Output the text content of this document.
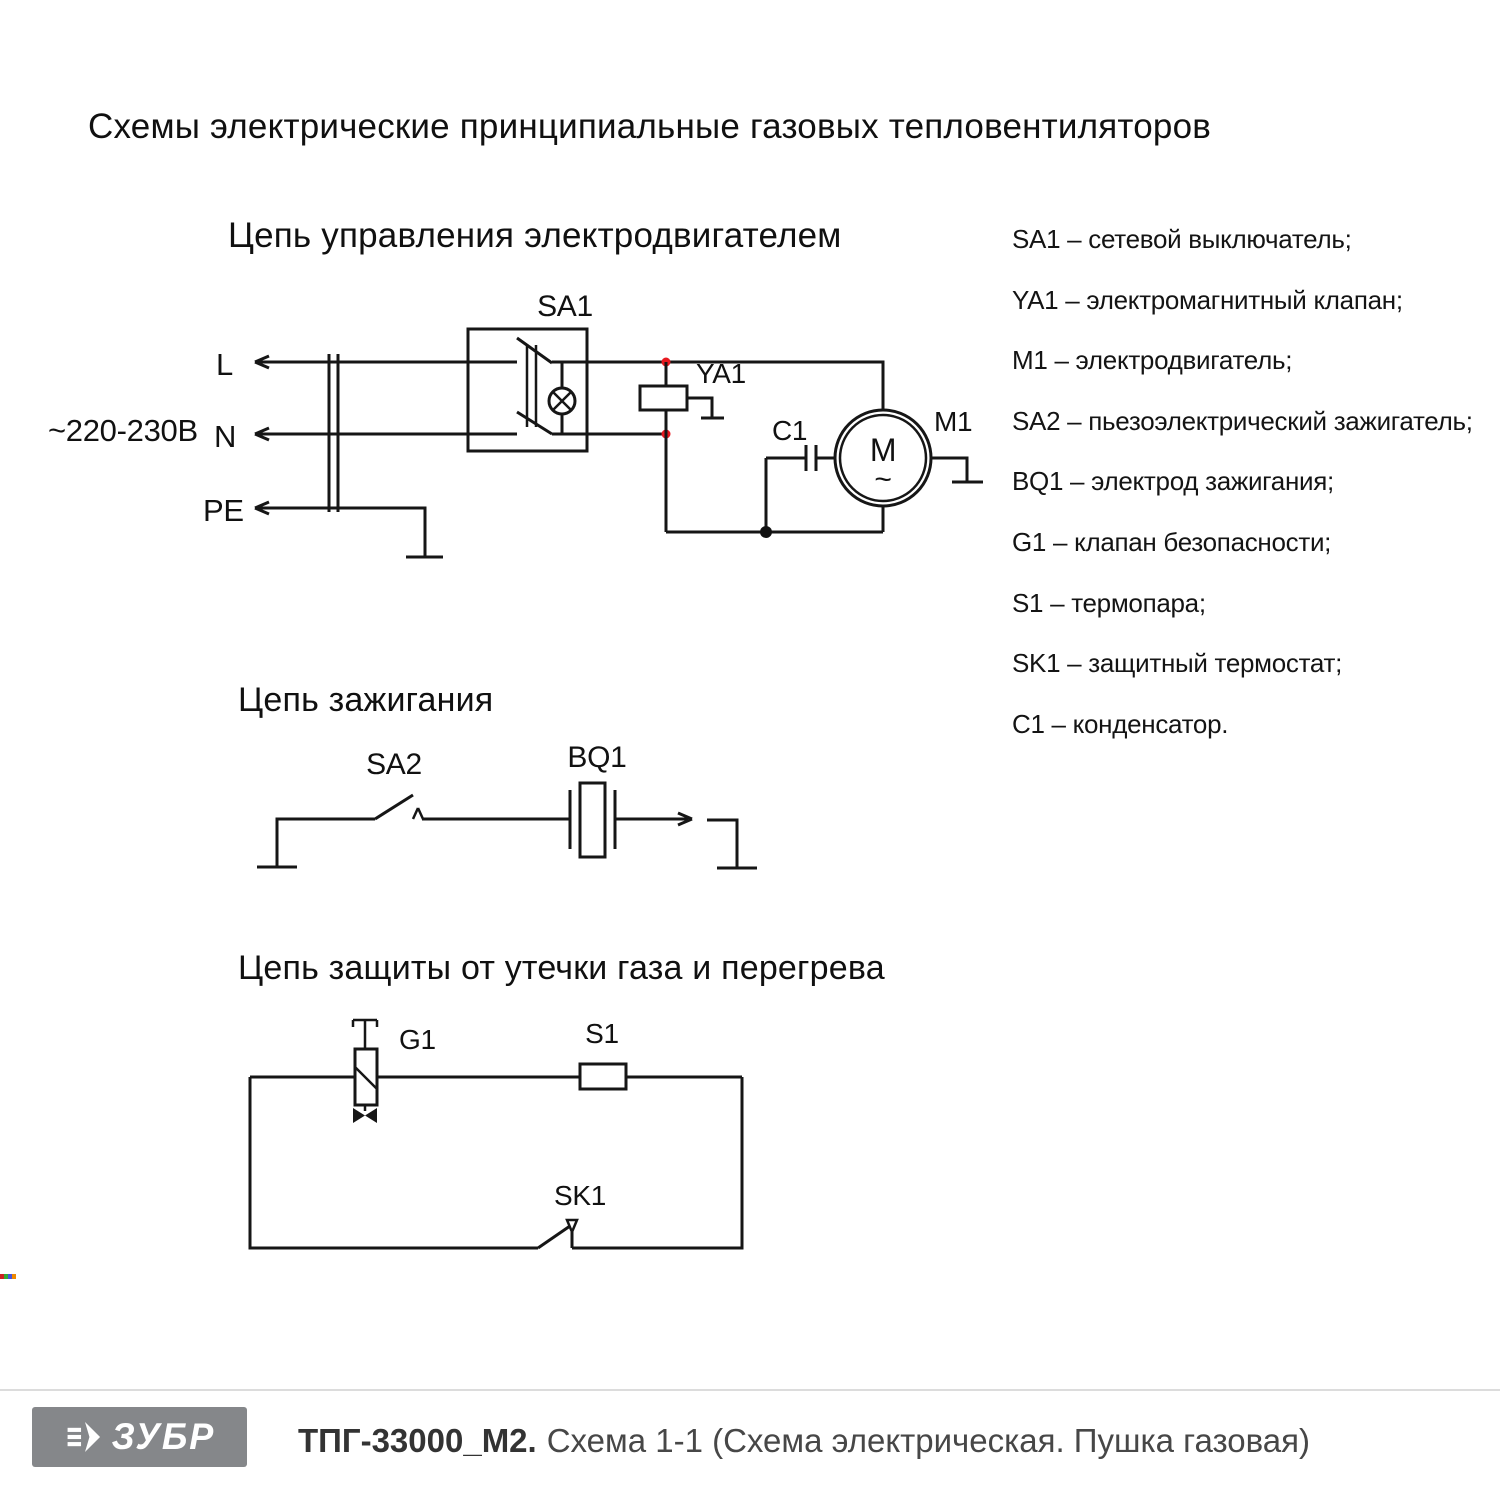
Схемы электрические принципиальные газовых тепловентиляторов
Цепь управления электродвигателем
~220-230В
L
N
PE
SA1
YA1
C1
М
~
M1
SA1 – сетевой выключатель;
YA1 – электромагнитный клапан;
M1 – электродвигатель;
SA2 – пьезоэлектрический зажигатель;
BQ1 – электрод зажигания;
G1 – клапан безопасности;
S1 – термопара;
SK1 – защитный термостат;
C1 – конденсатор.
Цепь зажигания
SA2	BQ1
Цепь защиты от утечки газа и перегрева
G1	S1
SK1
ЗУБР	ТПГ-33000_М2. Схема 1-1 (Схема электрическая. Пушка газовая)
